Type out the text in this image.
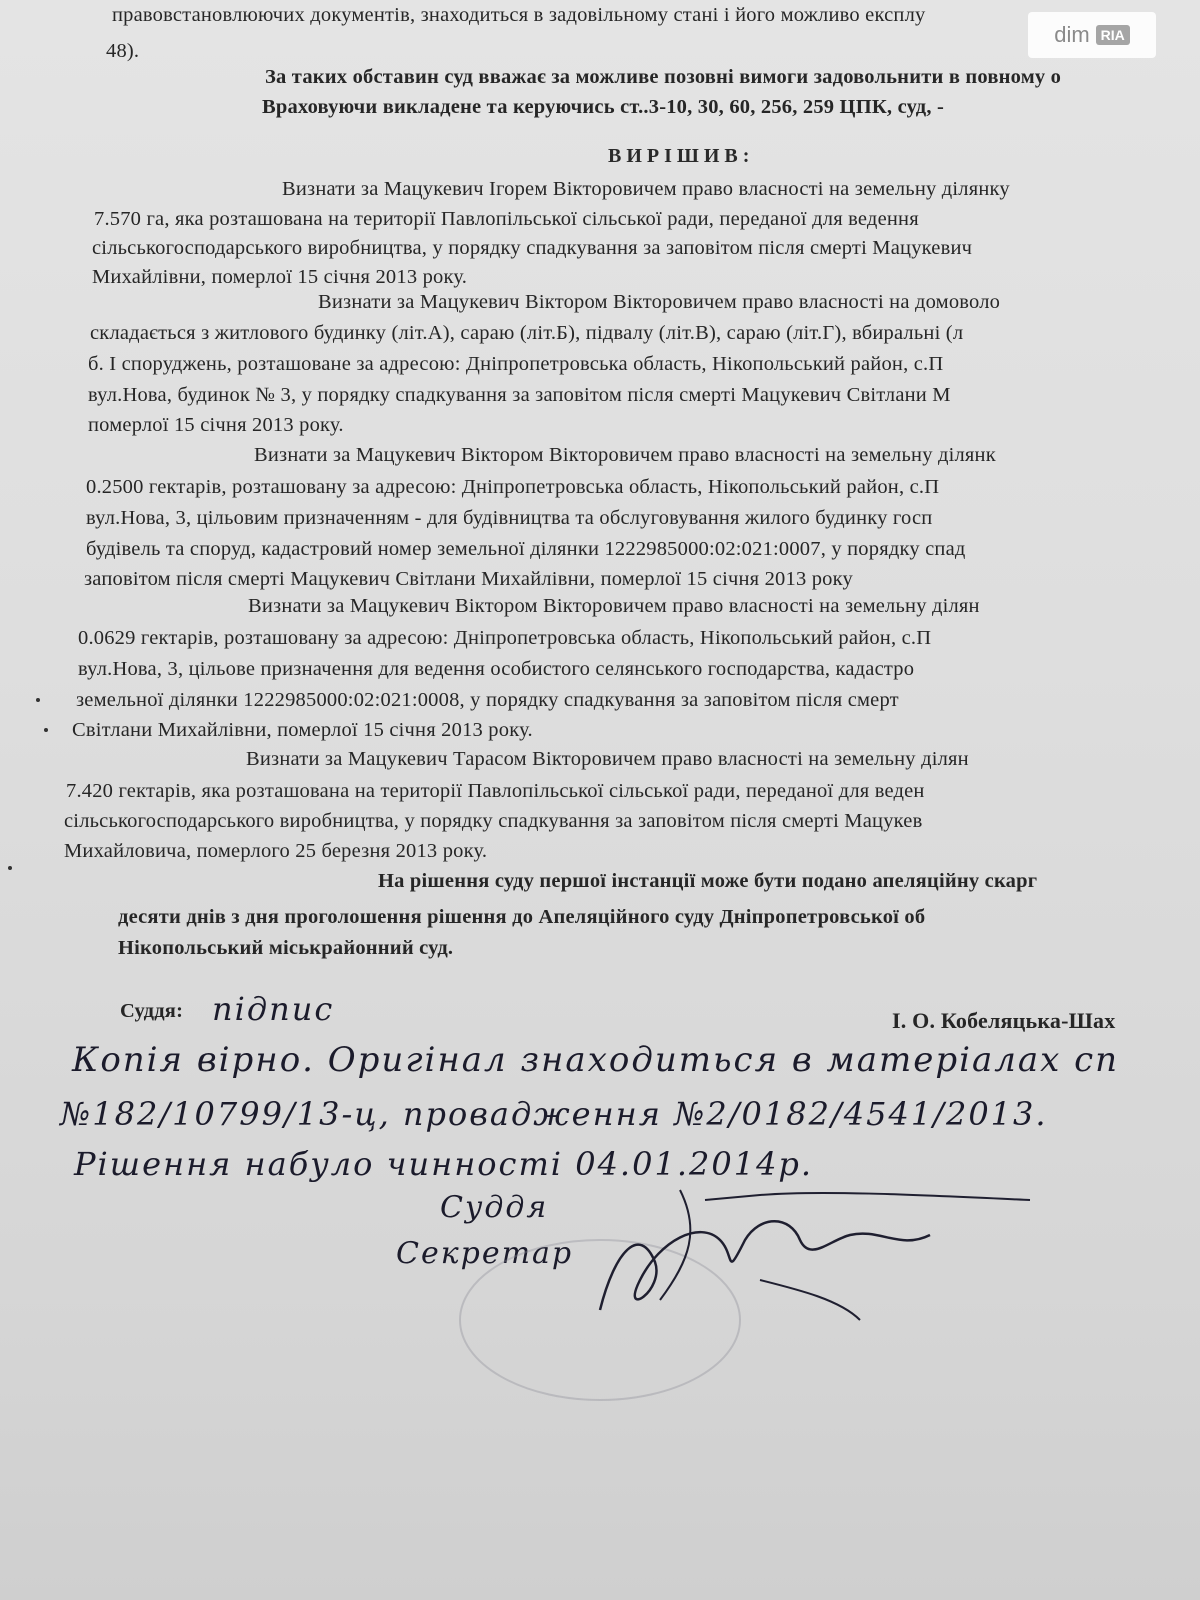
dim RIA
правовстановлюючих документів, знаходиться в задовільному стані і його можливо експлу
48).
За таких обставин суд вважає за можливе позовні вимоги задовольнити в повному о
Враховуючи викладене та керуючись ст..3-10, 30, 60, 256, 259 ЦПК, суд, -
ВИРІШИВ:
Визнати за Мацукевич Ігорем Вікторовичем право власності на земельну ділянку
7.570 га, яка розташована на території Павлопільської сільської ради, переданої для ведення
сільськогосподарського виробництва, у порядку спадкування за заповітом після смерті Мацукевич
Михайлівни, померлої 15 січня 2013 року.
Визнати за Мацукевич Віктором Вікторовичем право власності на домоволо
складається з житлового будинку (літ.А), сараю (літ.Б), підвалу (літ.В), сараю (літ.Г), вбиральні (л
б. І споруджень, розташоване за адресою: Дніпропетровська область, Нікопольський район, с.П
вул.Нова, будинок № 3, у порядку спадкування за заповітом після смерті Мацукевич Світлани М
померлої 15 січня 2013 року.
Визнати за Мацукевич Віктором Вікторовичем право власності на земельну ділянк
0.2500 гектарів, розташовану за адресою: Дніпропетровська область, Нікопольський район, с.П
вул.Нова, 3, цільовим призначенням - для будівництва та обслуговування жилого будинку госп
будівель та споруд, кадастровий номер земельної ділянки 1222985000:02:021:0007, у порядку спад
заповітом після смерті Мацукевич Світлани Михайлівни, померлої 15 січня 2013 року
Визнати за Мацукевич Віктором Вікторовичем право власності на земельну ділян
0.0629 гектарів, розташовану за адресою: Дніпропетровська область, Нікопольський район, с.П
вул.Нова, 3, цільове призначення для ведення особистого селянського господарства, кадастро
земельної ділянки 1222985000:02:021:0008, у порядку спадкування за заповітом після смерт
Світлани Михайлівни, померлої 15 січня 2013 року.
Визнати за Мацукевич Тарасом Вікторовичем право власності на земельну ділян
7.420 гектарів, яка розташована на території Павлопільської сільської ради, переданої для веден
сільськогосподарського виробництва, у порядку спадкування за заповітом після смерті Мацукев
Михайловича, померлого 25 березня 2013 року.
На рішення суду першої інстанції може бути подано апеляційну скарг
десяти днів з дня проголошення рішення до Апеляційного суду Дніпропетровської об
Нікопольський міськрайонний суд.
Суддя: підпис	І. О. Кобеляцька-Шах
Копія вірно. Оригінал знаходиться в матеріалах сп
№182/10799/13-ц, провадження №2/0182/4541/2013.
Рішення набуло чинності 04.01.2014р.
Суддя
Секретар
